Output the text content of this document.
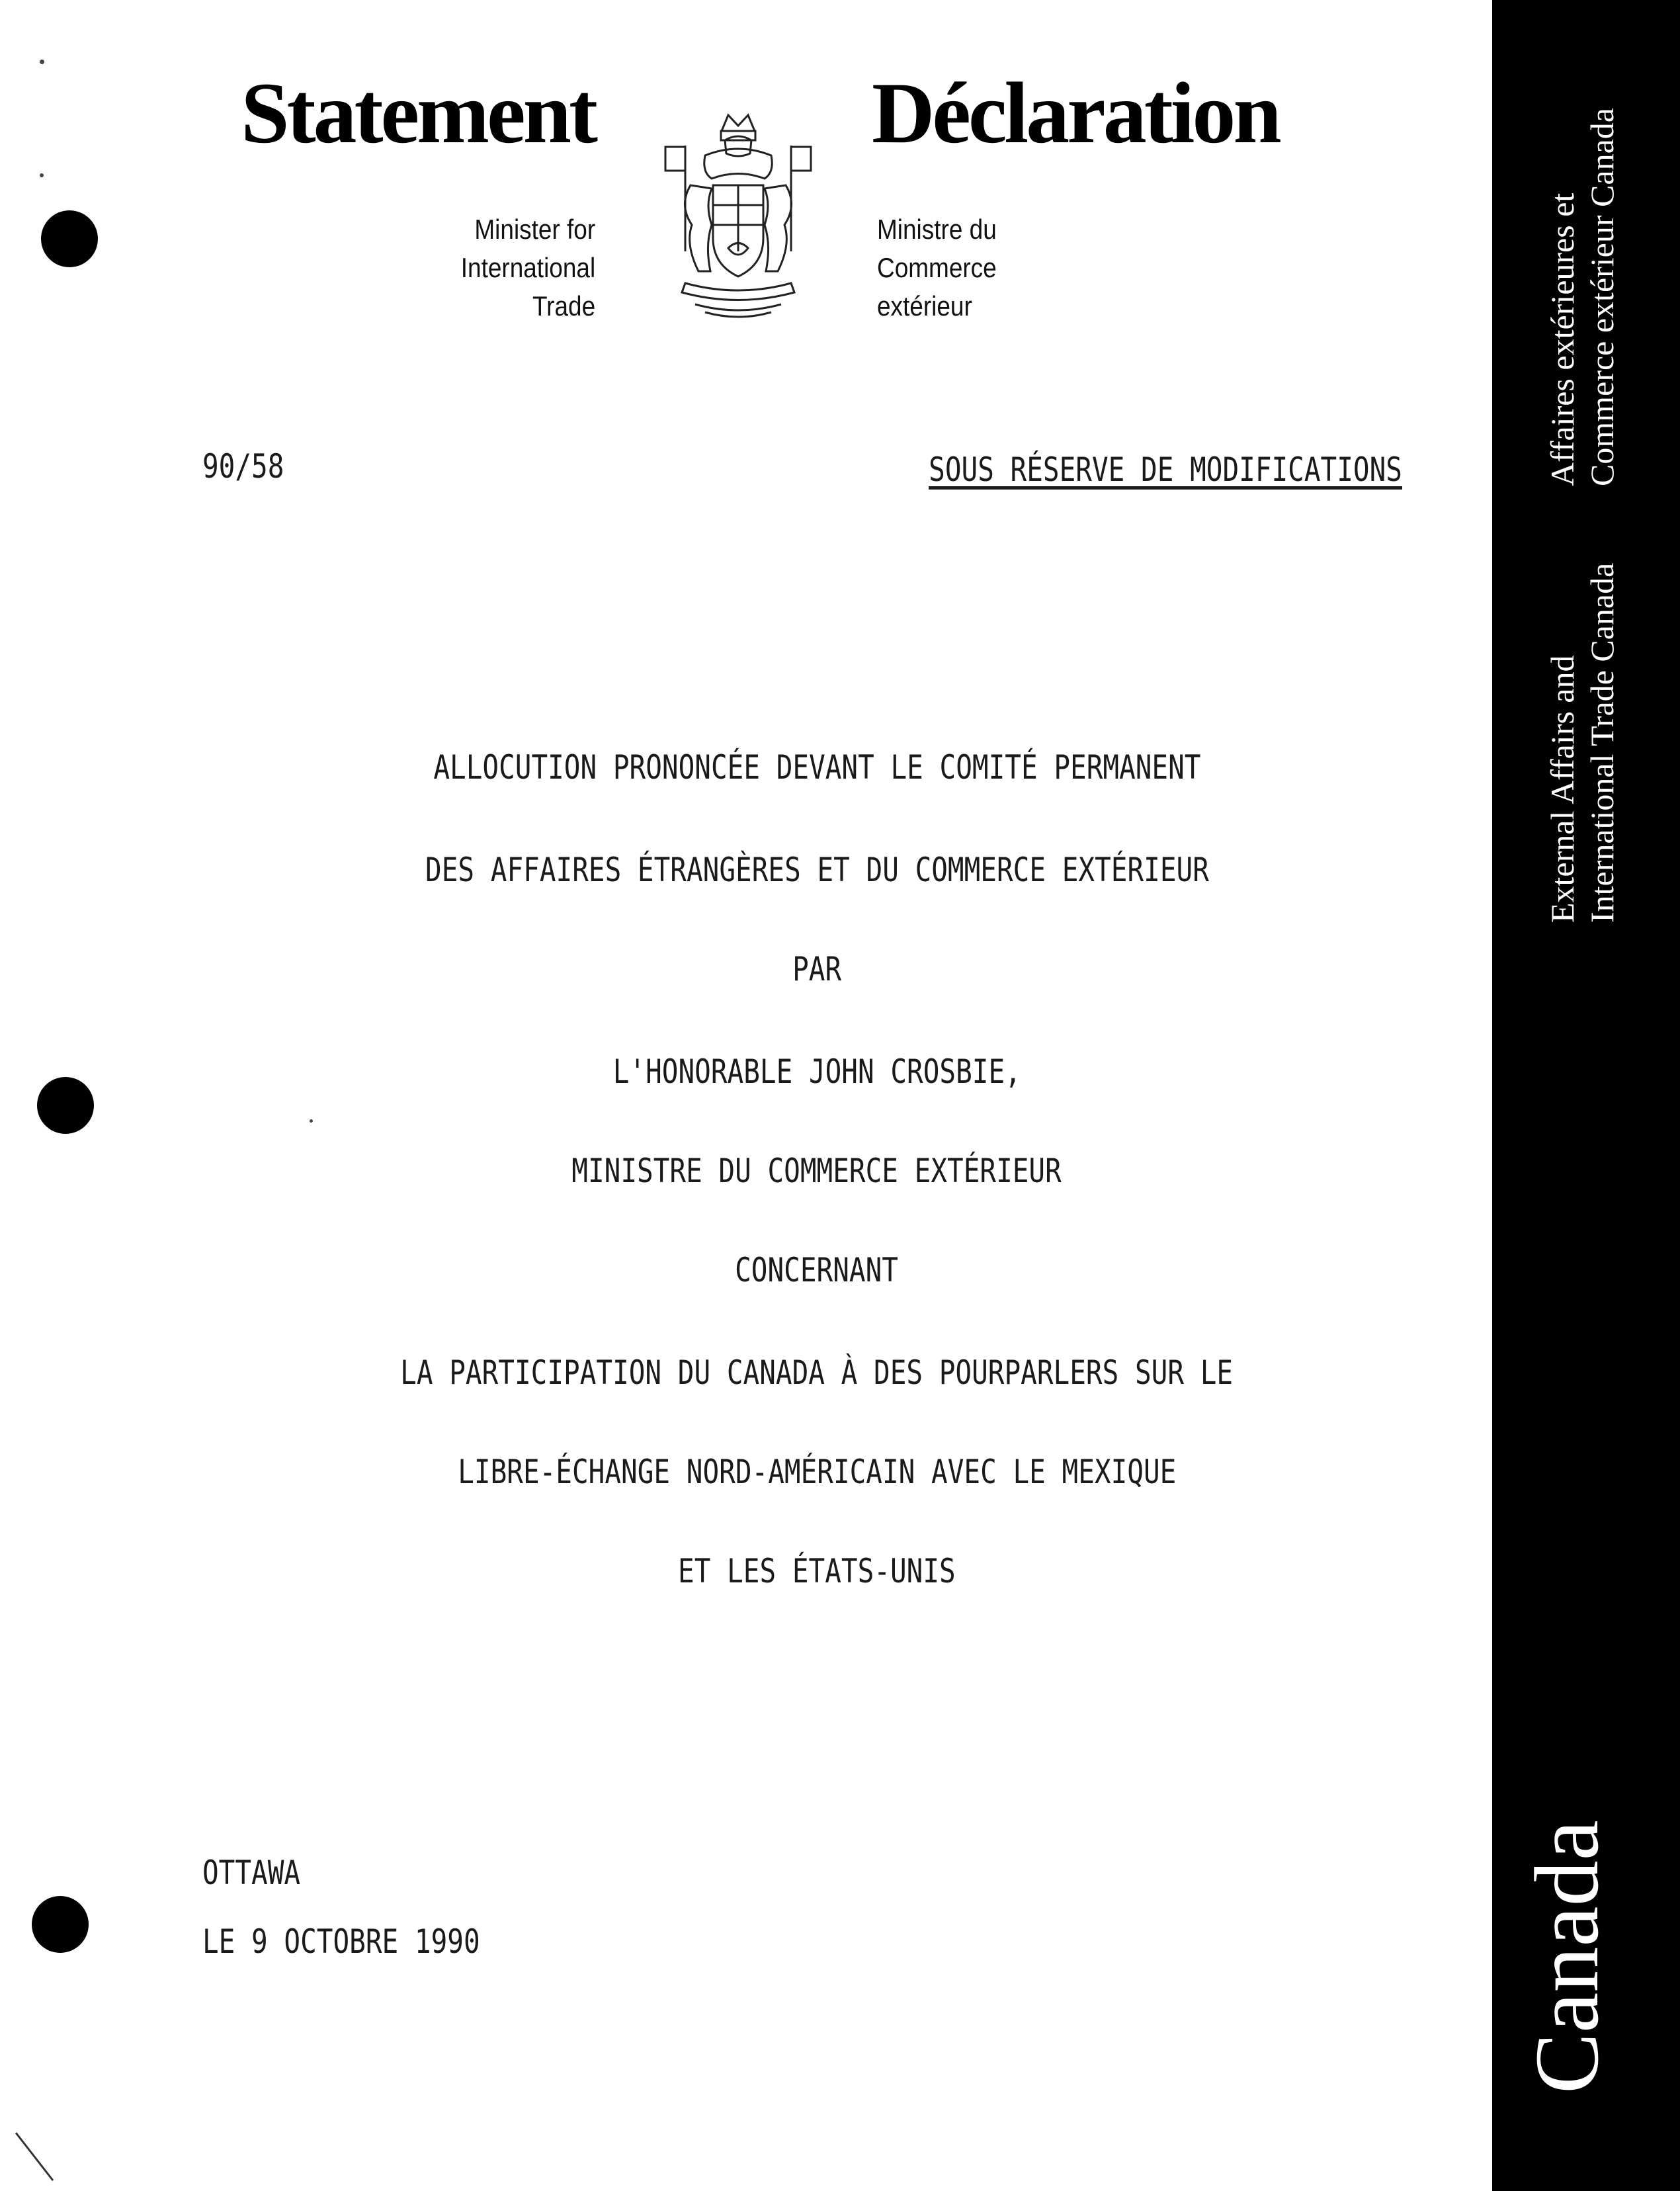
Statement	Déclaration
Minister for
International
Trade
Ministre du
Commerce
extérieur
90/58	SOUS RÉSERVE DE MODIFICATIONS
ALLOCUTION PRONONCÉE DEVANT LE COMITÉ PERMANENT
DES AFFAIRES ÉTRANGÈRES ET DU COMMERCE EXTÉRIEUR
PAR
L'HONORABLE JOHN CROSBIE,
MINISTRE DU COMMERCE EXTÉRIEUR
CONCERNANT
LA PARTICIPATION DU CANADA À DES POURPARLERS SUR LE
LIBRE-ÉCHANGE NORD-AMÉRICAIN AVEC LE MEXIQUE
ET LES ÉTATS-UNIS
OTTAWA
LE 9 OCTOBRE 1990
Affaires extérieures et Commerce extérieur Canada
External Affairs and International Trade Canada
Canada
